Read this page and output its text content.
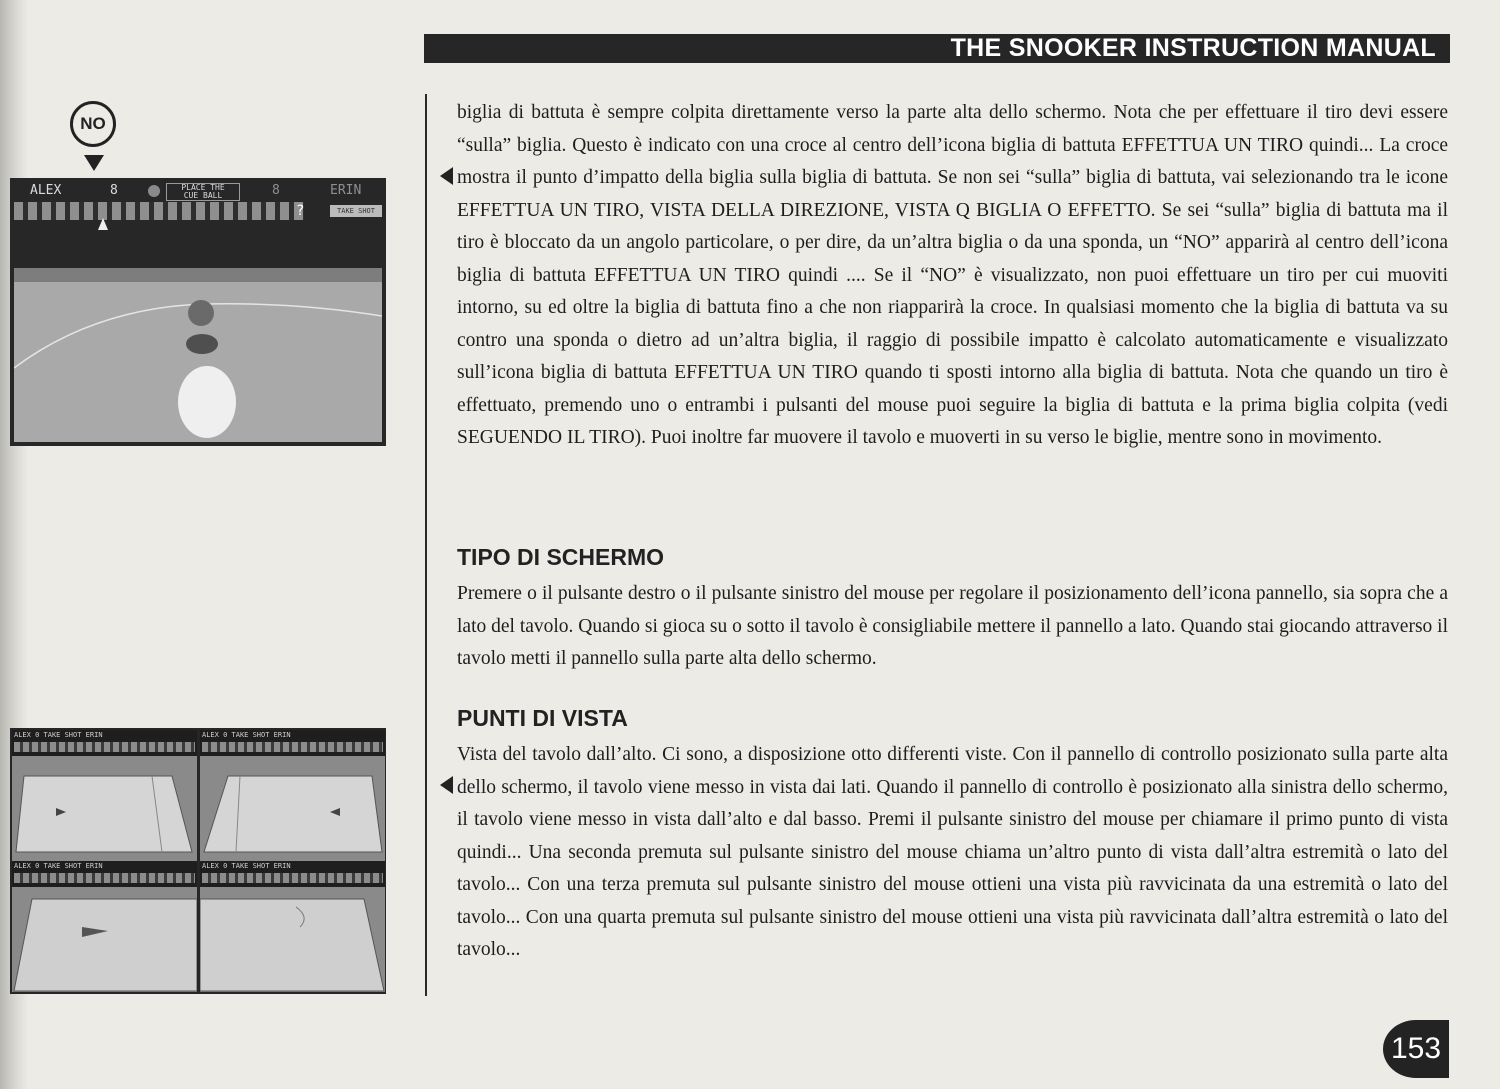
THE SNOOKER INSTRUCTION MANUAL
NO
ALEX	8	PLACE THE
CUE BALL	8	ERIN
?	TAKE SHOT
ALEX 0 TAKE SHOT ERIN	ALEX 0 TAKE SHOT ERIN
ALEX 0 TAKE SHOT ERIN	ALEX 0 TAKE SHOT ERIN

biglia di battuta è sempre colpita direttamente verso la parte alta dello schermo. Nota che per effettuare il tiro devi essere “sulla” biglia. Questo è indicato con una croce al centro dell’icona biglia di battuta EFFETTUA UN TIRO quindi... La croce mostra il punto d’impatto della biglia sulla biglia di battuta. Se non sei “sulla” biglia di battuta, vai selezionando tra le icone EFFETTUA UN TIRO, VISTA DELLA DIREZIONE, VISTA Q BIGLIA O EFFETTO. Se sei “sulla” biglia di battuta ma il tiro è bloccato da un angolo particolare, o per dire, da un’altra biglia o da una sponda, un “NO” apparirà al centro dell’icona biglia di battuta EFFETTUA UN TIRO quindi .... Se il “NO” è visualizzato, non puoi effettuare un tiro per cui muoviti intorno, su ed oltre la biglia di battuta fino a che non riapparirà la croce. In qualsiasi momento che la biglia di battuta va su contro una sponda o dietro ad un’altra biglia, il raggio di possibile impatto è calcolato automaticamente e visualizzato sull’icona biglia di battuta EFFETTUA UN TIRO quando ti sposti intorno alla biglia di battuta. Nota che quando un tiro è effettuato, premendo uno o entrambi i pulsanti del mouse puoi seguire la biglia di battuta e la prima biglia colpita (vedi SEGUENDO IL TIRO). Puoi inoltre far muovere il tavolo e muoverti in su verso le biglie, mentre sono in movimento.

TIPO DI SCHERMO

Premere o il pulsante destro o il pulsante sinistro del mouse per regolare il posizionamento dell’icona pannello, sia sopra che a lato del tavolo. Quando si gioca su o sotto il tavolo è consigliabile mettere il pannello a lato. Quando stai giocando attraverso il tavolo metti il pannello sulla parte alta dello schermo.

PUNTI DI VISTA

Vista del tavolo dall’alto. Ci sono, a disposizione otto differenti viste. Con il pannello di controllo posizionato sulla parte alta dello schermo, il tavolo viene messo in vista dai lati. Quando il pannello di controllo è posizionato alla sinistra dello schermo, il tavolo viene messo in vista dall’alto e dal basso. Premi il pulsante sinistro del mouse per chiamare il primo punto di vista quindi... Una seconda premuta sul pulsante sinistro del mouse chiama un’altro punto di vista dall’altra estremità o lato del tavolo... Con una terza premuta sul pulsante sinistro del mouse ottieni una vista più ravvicinata da una estremità o lato del tavolo... Con una quarta premuta sul pulsante sinistro del mouse ottieni una vista più ravvicinata dall’altra estremità o lato del tavolo...

153
